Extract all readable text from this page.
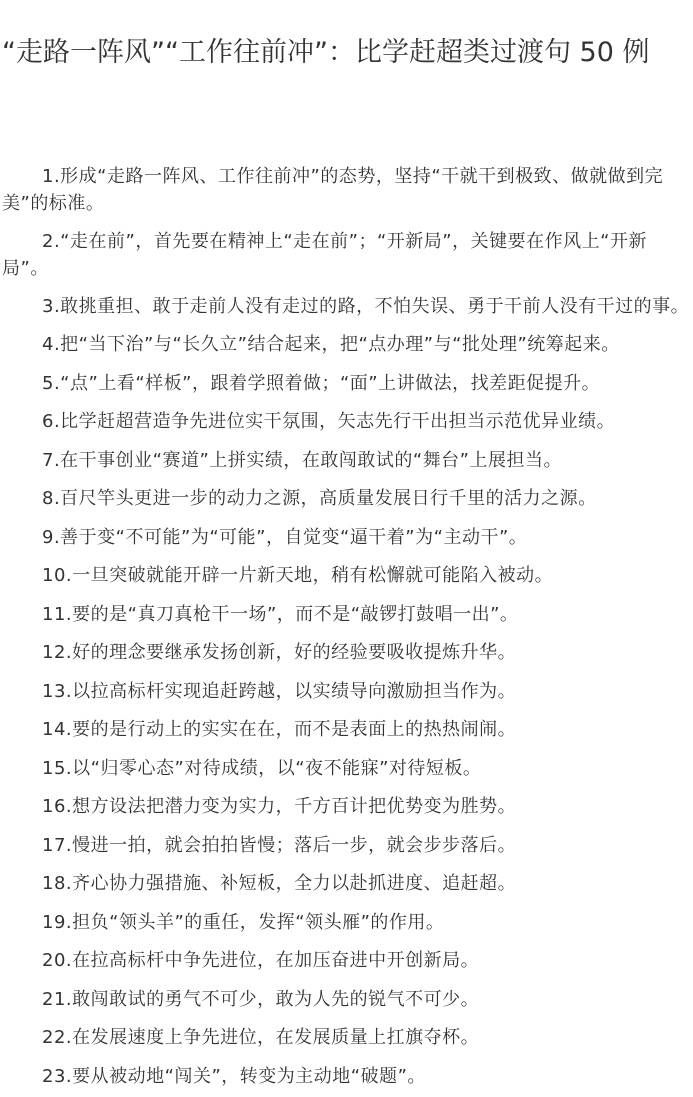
“走路一阵风”“工作往前冲”：比学赶超类过渡句 50 例

1.形成“走路一阵风、工作往前冲”的态势，坚持“干就干到极致、做就做到完美”的标准。

2.“走在前”，首先要在精神上“走在前”；“开新局”，关键要在作风上“开新局”。

3.敢挑重担、敢于走前人没有走过的路，不怕失误、勇于干前人没有干过的事。

4.把“当下治”与“长久立”结合起来，把“点办理”与“批处理”统筹起来。

5.“点”上看“样板”，跟着学照着做；“面”上讲做法，找差距促提升。

6.比学赶超营造争先进位实干氛围，矢志先行干出担当示范优异业绩。

7.在干事创业“赛道”上拼实绩，在敢闯敢试的“舞台”上展担当。

8.百尺竿头更进一步的动力之源，高质量发展日行千里的活力之源。

9.善于变“不可能”为“可能”，自觉变“逼干着”为“主动干”。

10.一旦突破就能开辟一片新天地，稍有松懈就可能陷入被动。

11.要的是“真刀真枪干一场”，而不是“敲锣打鼓唱一出”。

12.好的理念要继承发扬创新，好的经验要吸收提炼升华。

13.以拉高标杆实现追赶跨越，以实绩导向激励担当作为。

14.要的是行动上的实实在在，而不是表面上的热热闹闹。

15.以“归零心态”对待成绩，以“夜不能寐”对待短板。

16.想方设法把潜力变为实力，千方百计把优势变为胜势。

17.慢进一拍，就会拍拍皆慢；落后一步，就会步步落后。

18.齐心协力强措施、补短板，全力以赴抓进度、追赶超。

19.担负“领头羊”的重任，发挥“领头雁”的作用。

20.在拉高标杆中争先进位，在加压奋进中开创新局。

21.敢闯敢试的勇气不可少，敢为人先的锐气不可少。

22.在发展速度上争先进位，在发展质量上扛旗夺杯。

23.要从被动地“闯关”，转变为主动地“破题”。
